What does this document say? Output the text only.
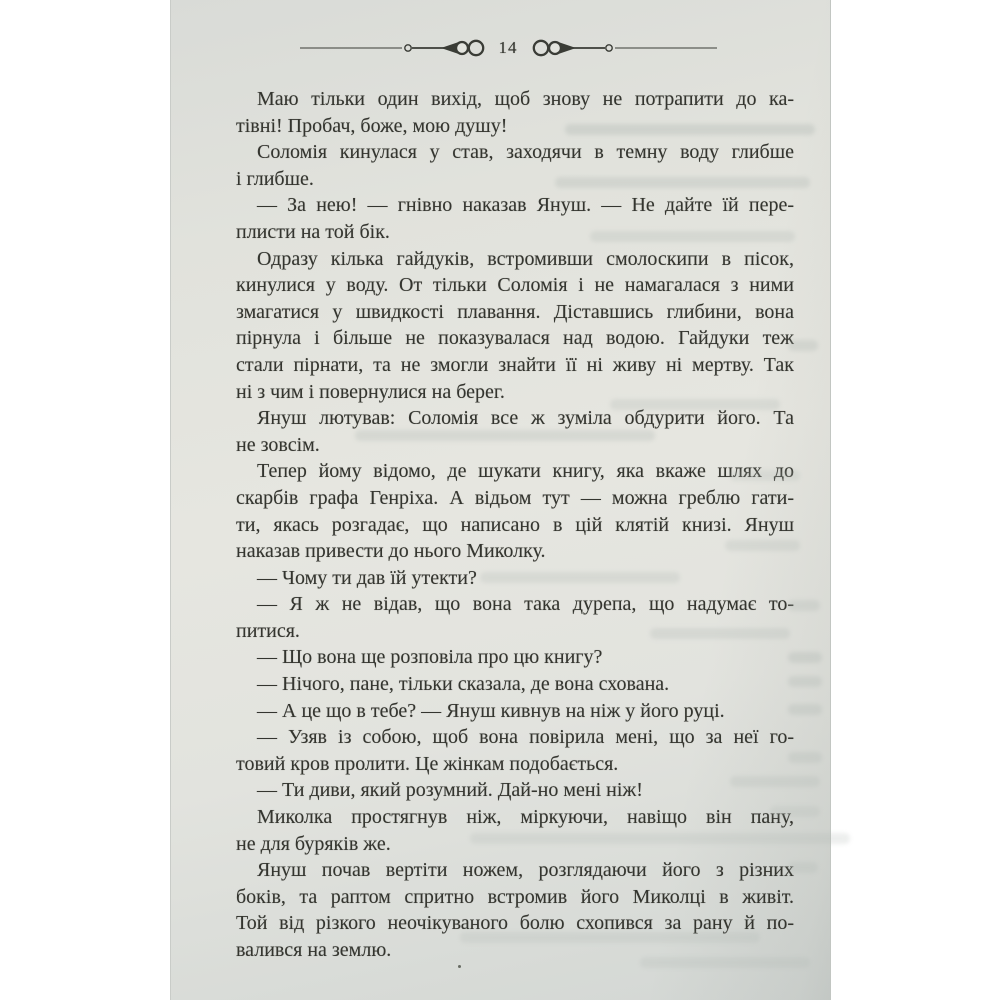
14
Маю тільки один вихід, щоб знову не потрапити до ка-
тівні! Пробач, боже, мою душу!
Соломія кинулася у став, заходячи в темну воду глибше
і глибше.
— За нею! — гнівно наказав Януш. — Не дайте їй пере-
плисти на той бік.
Одразу кілька гайдуків, встромивши смолоскипи в пісок,
кинулися у воду. От тільки Соломія і не намагалася з ними
змагатися у швидкості плавання. Діставшись глибини, вона
пірнула і більше не показувалася над водою. Гайдуки теж
стали пірнати, та не змогли знайти її ні живу ні мертву. Так
ні з чим і повернулися на берег.
Януш лютував: Соломія все ж зуміла обдурити його. Та
не зовсім.
Тепер йому відомо, де шукати книгу, яка вкаже шлях до
скарбів графа Генріха. А відьом тут — можна греблю гати-
ти, якась розгадає, що написано в цій клятій книзі. Януш
наказав привести до нього Миколку.
— Чому ти дав їй утекти?
— Я ж не відав, що вона така дурепа, що надумає то-
питися.
— Що вона ще розповіла про цю книгу?
— Нічого, пане, тільки сказала, де вона схована.
— А це що в тебе? — Януш кивнув на ніж у його руці.
— Узяв із собою, щоб вона повірила мені, що за неї го-
товий кров пролити. Це жінкам подобається.
— Ти диви, який розумний. Дай-но мені ніж!
Миколка простягнув ніж, міркуючи, навіщо він пану,
не для буряків же.
Януш почав вертіти ножем, розглядаючи його з різних
боків, та раптом спритно встромив його Миколці в живіт.
Той від різкого неочікуваного болю схопився за рану й по-
валився на землю.
